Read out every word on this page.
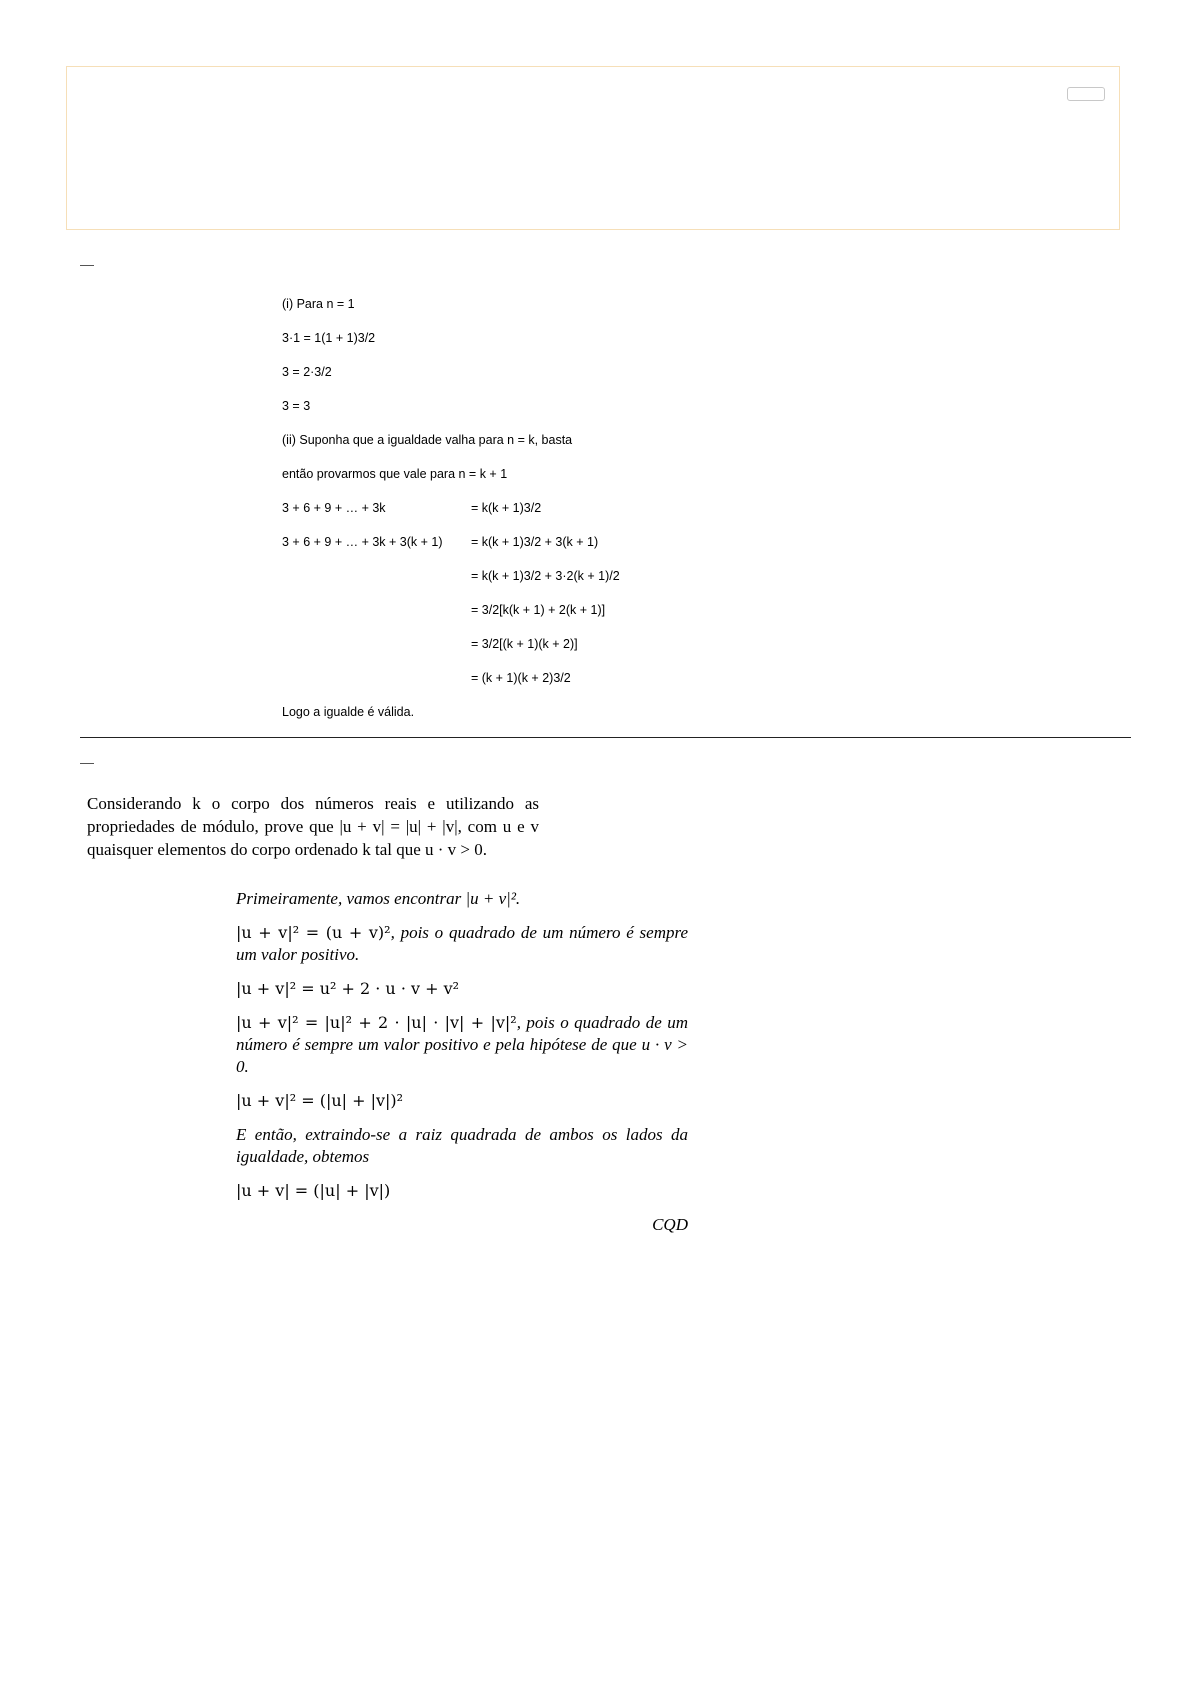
(i) Para n = 1
3·1 = 1(1 + 1)3/2
3 = 2·3/2
3 = 3
(ii) Suponha que a igualdade valha para n = k, basta
então provarmos que vale para n = k + 1
3 + 6 + 9 + … + 3k	= k(k + 1)3/2
3 + 6 + 9 + … + 3k + 3(k + 1) = k(k + 1)3/2 + 3(k + 1)
= k(k + 1)3/2 + 3·2(k + 1)/2
= 3/2[k(k + 1) + 2(k + 1)]
= 3/2[(k + 1)(k + 2)]
= (k + 1)(k + 2)3/2
Logo a igualde é válida.
Considerando k o corpo dos números reais e utilizando as propriedades de módulo, prove que |u + v| = |u| + |v|, com u e v quaisquer elementos do corpo ordenado k tal que u · v > 0.

Primeiramente, vamos encontrar |u + v|².

|u + v|² = (u + v)², pois o quadrado de um número é sempre um valor positivo.

|u + v|² = u² + 2 · u · v + v²

|u + v|² = |u|² + 2 · |u| · |v| + |v|², pois o quadrado de um número é sempre um valor positivo e pela hipótese de que u · v > 0.

|u + v|² = (|u| + |v|)²

E então, extraindo-se a raiz quadrada de ambos os lados da igualdade, obtemos

|u + v| = (|u| + |v|)

CQD
